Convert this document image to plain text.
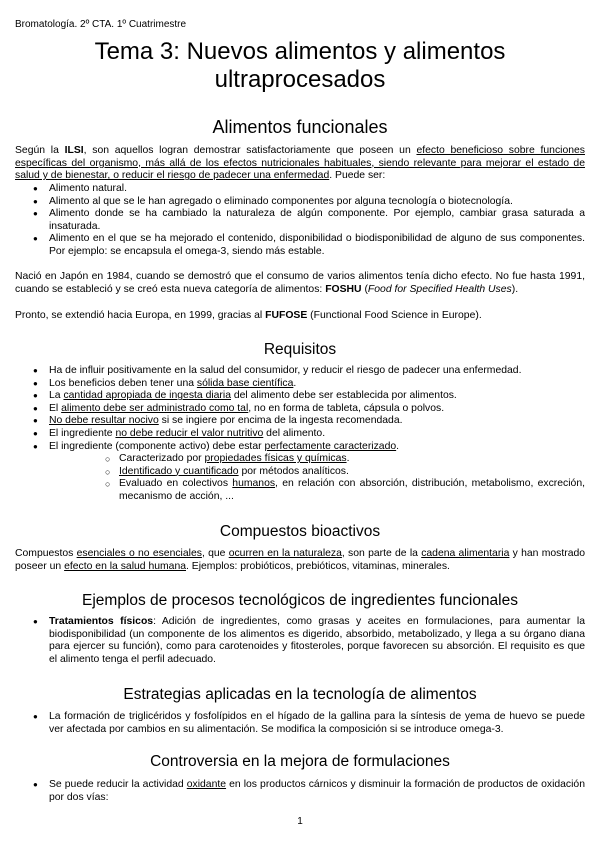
Bromatología. 2º CTA. 1º Cuatrimestre
Tema 3: Nuevos alimentos y alimentos ultraprocesados
Alimentos funcionales
Según la ILSI, son aquellos logran demostrar satisfactoriamente que poseen un efecto beneficioso sobre funciones específicas del organismo, más allá de los efectos nutricionales habituales, siendo relevante para mejorar el estado de salud y de bienestar, o reducir el riesgo de padecer una enfermedad. Puede ser:
● Alimento natural.
● Alimento al que se le han agregado o eliminado componentes por alguna tecnología o biotecnología.
● Alimento donde se ha cambiado la naturaleza de algún componente. Por ejemplo, cambiar grasa saturada a insaturada.
● Alimento en el que se ha mejorado el contenido, disponibilidad o biodisponibilidad de alguno de sus componentes. Por ejemplo: se encapsula el omega-3, siendo más estable.
Nació en Japón en 1984, cuando se demostró que el consumo de varios alimentos tenía dicho efecto. No fue hasta 1991, cuando se estableció y se creó esta nueva categoría de alimentos: FOSHU (Food for Specified Health Uses).
Pronto, se extendió hacia Europa, en 1999, gracias al FUFOSE (Functional Food Science in Europe).
Requisitos
● Ha de influir positivamente en la salud del consumidor, y reducir el riesgo de padecer una enfermedad.
● Los beneficios deben tener una sólida base científica.
● La cantidad apropiada de ingesta diaria del alimento debe ser establecida por alimentos.
● El alimento debe ser administrado como tal, no en forma de tableta, cápsula o polvos.
● No debe resultar nocivo si se ingiere por encima de la ingesta recomendada.
● El ingrediente no debe reducir el valor nutritivo del alimento.
● El ingrediente (componente activo) debe estar perfectamente caracterizado.
○ Caracterizado por propiedades físicas y químicas.
○ Identificado y cuantificado por métodos analíticos.
○ Evaluado en colectivos humanos, en relación con absorción, distribución, metabolismo, excreción, mecanismo de acción, ...
Compuestos bioactivos
Compuestos esenciales o no esenciales, que ocurren en la naturaleza, son parte de la cadena alimentaria y han mostrado poseer un efecto en la salud humana. Ejemplos: probióticos, prebióticos, vitaminas, minerales.
Ejemplos de procesos tecnológicos de ingredientes funcionales
● Tratamientos físicos: Adición de ingredientes, como grasas y aceites en formulaciones, para aumentar la biodisponibilidad (un componente de los alimentos es digerido, absorbido, metabolizado, y llega a su órgano diana para ejercer su función), como para carotenoides y fitosteroles, porque favorecen su absorción. El requisito es que el alimento tenga el perfil adecuado.
Estrategias aplicadas en la tecnología de alimentos
● La formación de triglicéridos y fosfolípidos en el hígado de la gallina para la síntesis de yema de huevo se puede ver afectada por cambios en su alimentación. Se modifica la composición si se introduce omega-3.
Controversia en la mejora de formulaciones
● Se puede reducir la actividad oxidante en los productos cárnicos y disminuir la formación de productos de oxidación por dos vías:
1
